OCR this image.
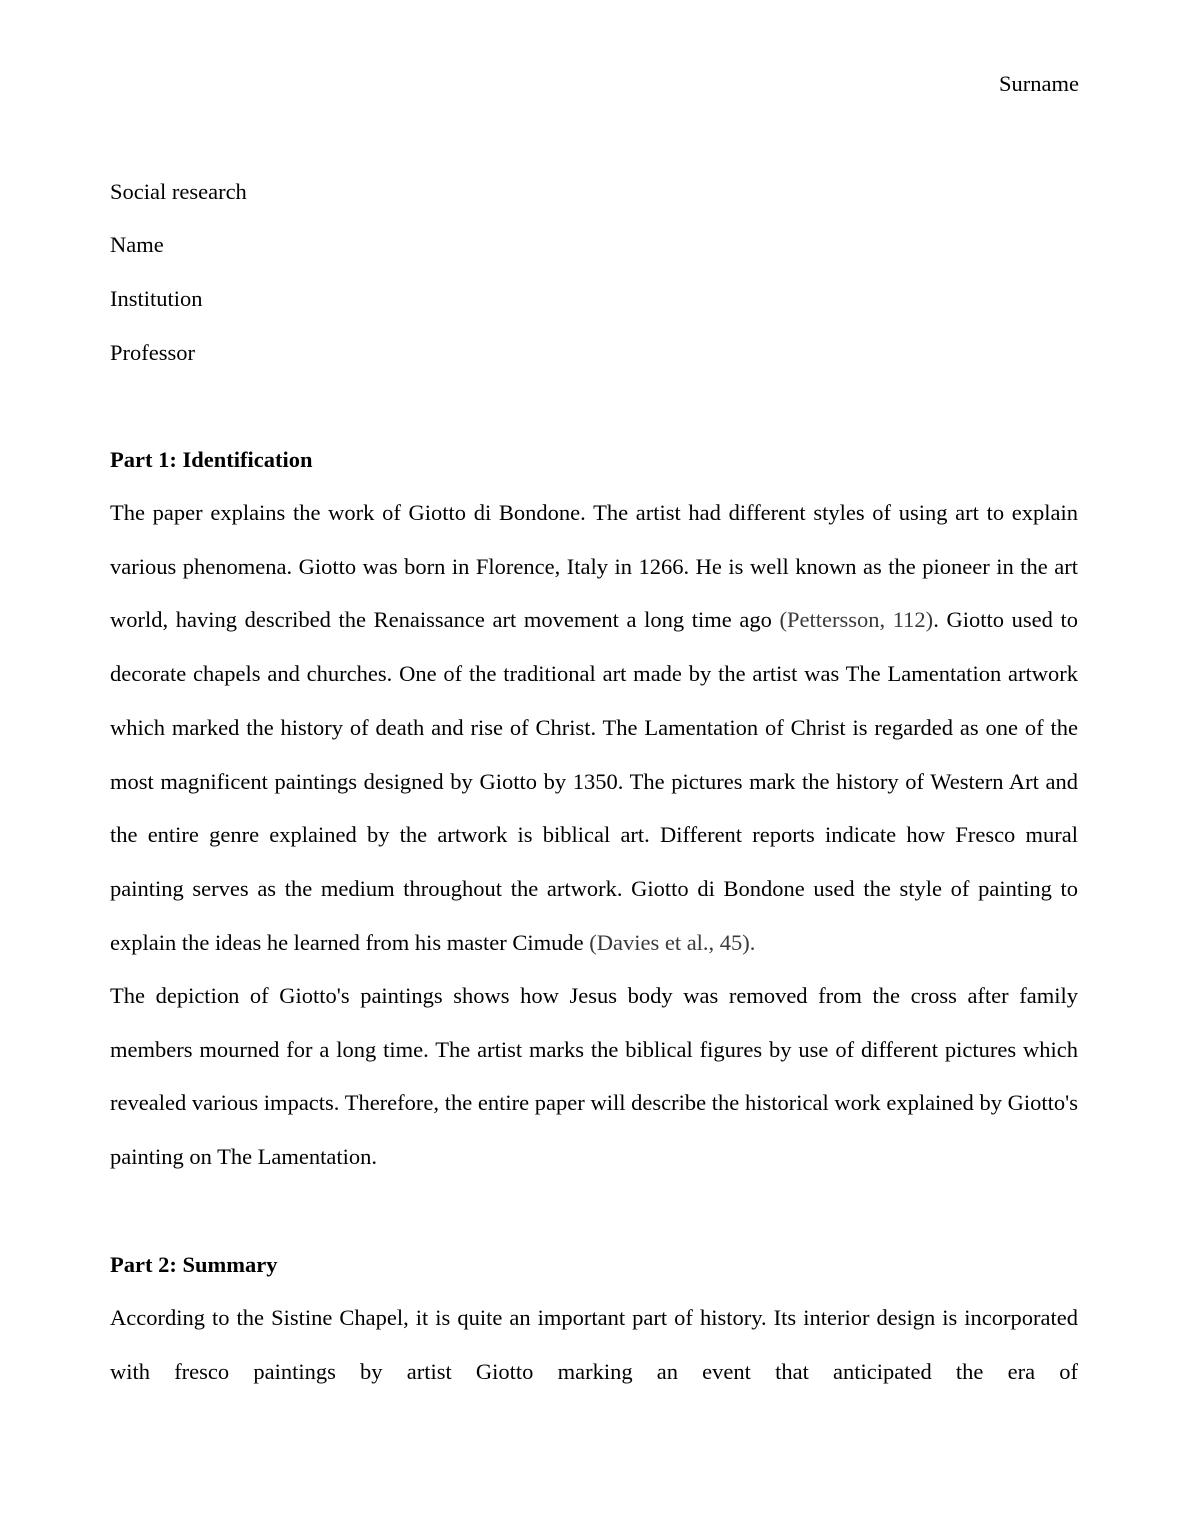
Surname
Social research
Name
Institution
Professor
Part 1: Identification

The paper explains the work of Giotto di Bondone. The artist had different styles of using art to explain various phenomena. Giotto was born in Florence, Italy in 1266. He is well known as the pioneer in the art world, having described the Renaissance art movement a long time ago (Pettersson, 112). Giotto used to decorate chapels and churches. One of the traditional art made by the artist was The Lamentation artwork which marked the history of death and rise of Christ. The Lamentation of Christ is regarded as one of the most magnificent paintings designed by Giotto by 1350. The pictures mark the history of Western Art and the entire genre explained by the artwork is biblical art. Different reports indicate how Fresco mural painting serves as the medium throughout the artwork. Giotto di Bondone used the style of painting to explain the ideas he learned from his master Cimude (Davies et al., 45).

The depiction of Giotto's paintings shows how Jesus body was removed from the cross after family members mourned for a long time. The artist marks the biblical figures by use of different pictures which revealed various impacts. Therefore, the entire paper will describe the historical work explained by Giotto's painting on The Lamentation.

Part 2: Summary

According to the Sistine Chapel, it is quite an important part of history. Its interior design is incorporated with fresco paintings by artist Giotto marking an event that anticipated the era of
